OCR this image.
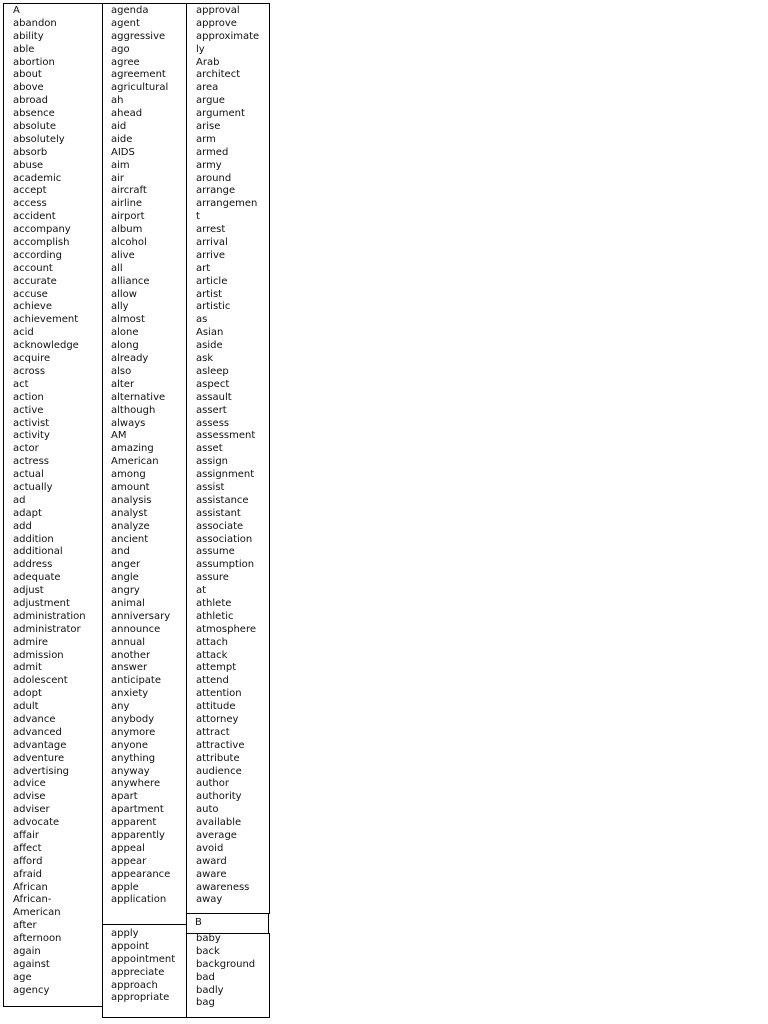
A
abandon
ability
able
abortion
about
above
abroad
absence
absolute
absolutely
absorb
abuse
academic
accept
access
accident
accompany
accomplish
according
account
accurate
accuse
achieve
achievement
acid
acknowledge
acquire
across
act
action
active
activist
activity
actor
actress
actual
actually
ad
adapt
add
addition
additional
address
adequate
adjust
adjustment
administration
administrator
admire
admission
admit
adolescent
adopt
adult
advance
advanced
advantage
adventure
advertising
advice
advise
adviser
advocate
affair
affect
afford
afraid
African
African-
American
after
afternoon
again
against
age
agency
agenda
agent
aggressive
ago
agree
agreement
agricultural
ah
ahead
aid
aide
AIDS
aim
air
aircraft
airline
airport
album
alcohol
alive
all
alliance
allow
ally
almost
alone
along
already
also
alter
alternative
although
always
AM
amazing
American
among
amount
analysis
analyst
analyze
ancient
and
anger
angle
angry
animal
anniversary
announce
annual
another
answer
anticipate
anxiety
any
anybody
anymore
anyone
anything
anyway
anywhere
apart
apartment
apparent
apparently
appeal
appear
appearance
apple
application
apply
appoint
appointment
appreciate
approach
appropriate
approval
approve
approximate
ly
Arab
architect
area
argue
argument
arise
arm
armed
army
around
arrange
arrangemen
t
arrest
arrival
arrive
art
article
artist
artistic
as
Asian
aside
ask
asleep
aspect
assault
assert
assess
assessment
asset
assign
assignment
assist
assistance
assistant
associate
association
assume
assumption
assure
at
athlete
athletic
atmosphere
attach
attack
attempt
attend
attention
attitude
attorney
attract
attractive
attribute
audience
author
authority
auto
available
average
avoid
award
aware
awareness
away
B
baby
back
background
bad
badly
bag
